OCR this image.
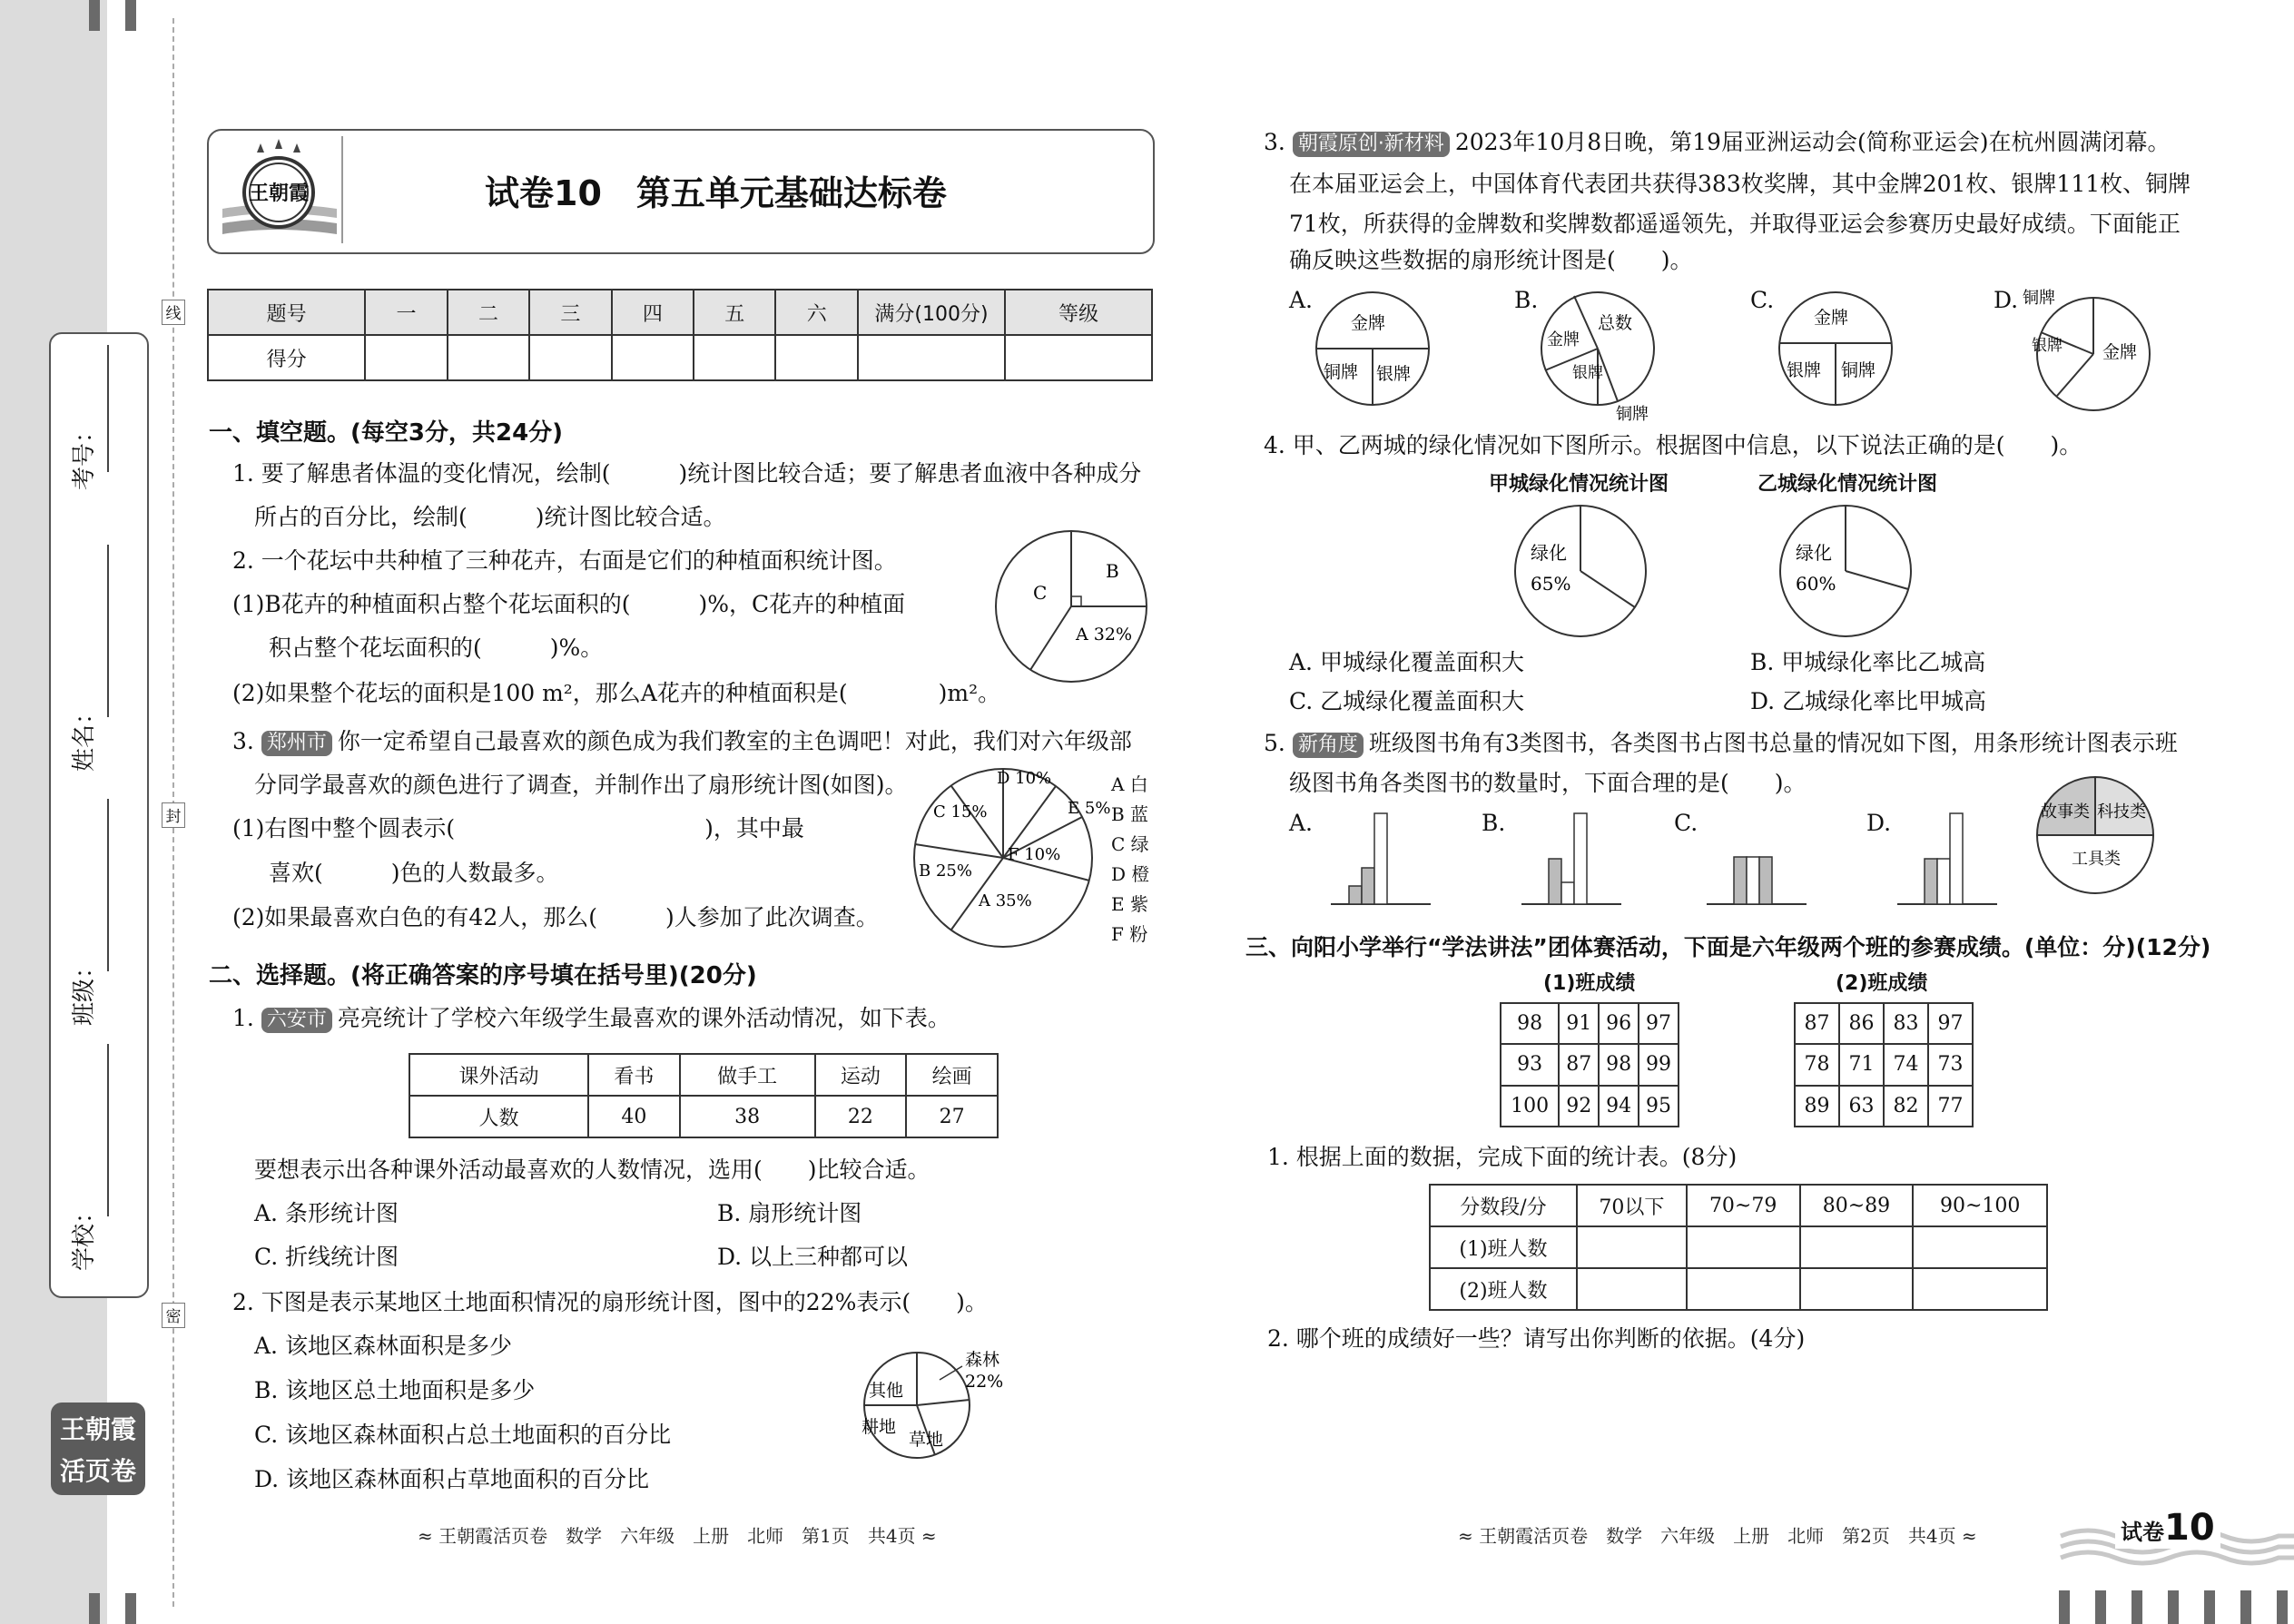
线
封
密
考号：
姓名：
班级：
学校：
王朝霞
活页卷
王朝霞	试卷10　第五单元基础达标卷
题号	一	二	三	四	五	六	满分(100分)	等级
得分								
一、填空题。(每空3分，共24分)
1. 要了解患者体温的变化情况，绘制(　　　)统计图比较合适；要了解患者血液中各种成分
所占的百分比，绘制(　　　)统计图比较合适。
2. 一个花坛中共种植了三种花卉，右面是它们的种植面积统计图。
(1)B花卉的种植面积占整个花坛面积的(　　　)%，C花卉的种植面
积占整个花坛面积的(　　　)%。
(2)如果整个花坛的面积是100 m²，那么A花卉的种植面积是(　　　　)m²。
B
C
A 32%
3. 郑州市 你一定希望自己最喜欢的颜色成为我们教室的主色调吧！对此，我们对六年级部
分同学最喜欢的颜色进行了调查，并制作出了扇形统计图(如图)。
(1)右图中整个圆表示(　　　　　　　　　　　)，其中最
喜欢(　　　)色的人数最多。
(2)如果最喜欢白色的有42人，那么(　　　)人参加了此次调查。
D 10%
E 5%
F 10%
C 15%
B 25%
A 35%
A 白
B 蓝
C 绿
D 橙
E 紫
F 粉
二、选择题。(将正确答案的序号填在括号里)(20分)
1. 六安市 亮亮统计了学校六年级学生最喜欢的课外活动情况，如下表。
课外活动	看书	做手工	运动	绘画
人数	40	38	22	27
要想表示出各种课外活动最喜欢的人数情况，选用(　　)比较合适。
A. 条形统计图	B. 扇形统计图
C. 折线统计图	D. 以上三种都可以
2. 下图是表示某地区土地面积情况的扇形统计图，图中的22%表示(　　)。
A. 该地区森林面积是多少
B. 该地区总土地面积是多少
C. 该地区森林面积占总土地面积的百分比
D. 该地区森林面积占草地面积的百分比
其他
森林
22%
耕地
草地
≈ 王朝霞活页卷　数学　六年级　上册　北师　第1页　共4页 ≈
3. 朝霞原创·新材料 2023年10月8日晚，第19届亚洲运动会(简称亚运会)在杭州圆满闭幕。
在本届亚运会上，中国体育代表团共获得383枚奖牌，其中金牌201枚、银牌111枚、铜牌
71枚，所获得的金牌数和奖牌数都遥遥领先，并取得亚运会参赛历史最好成绩。下面能正
确反映这些数据的扇形统计图是(　　)。
A.
金牌
铜牌 银牌
B.
总数
金牌
银牌
铜牌
C.
金牌
银牌 铜牌
D. 铜牌
银牌 金牌
4. 甲、乙两城的绿化情况如下图所示。根据图中信息，以下说法正确的是(　　)。
甲城绿化情况统计图	乙城绿化情况统计图
绿化
65%
绿化
60%
A. 甲城绿化覆盖面积大	B. 甲城绿化率比乙城高
C. 乙城绿化覆盖面积大	D. 乙城绿化率比甲城高
5. 新角度 班级图书角有3类图书，各类图书占图书总量的情况如下图，用条形统计图表示班
级图书角各类图书的数量时，下面合理的是(　　)。
A.	B.	C.	D.	故事类 科技类
工具类
三、向阳小学举行“学法讲法”团体赛活动，下面是六年级两个班的参赛成绩。(单位：分)(12分)
(1)班成绩	(2)班成绩
98	91	96	97
93	87	98	99
100	92	94	95
87	86	83	97
78	71	74	73
89	63	82	77
1. 根据上面的数据，完成下面的统计表。(8分)
分数段/分	70以下	70~79	80~89	90~100
(1)班人数				
(2)班人数				
2. 哪个班的成绩好一些？请写出你判断的依据。(4分)
≈ 王朝霞活页卷　数学　六年级　上册　北师　第2页　共4页 ≈	试卷10
